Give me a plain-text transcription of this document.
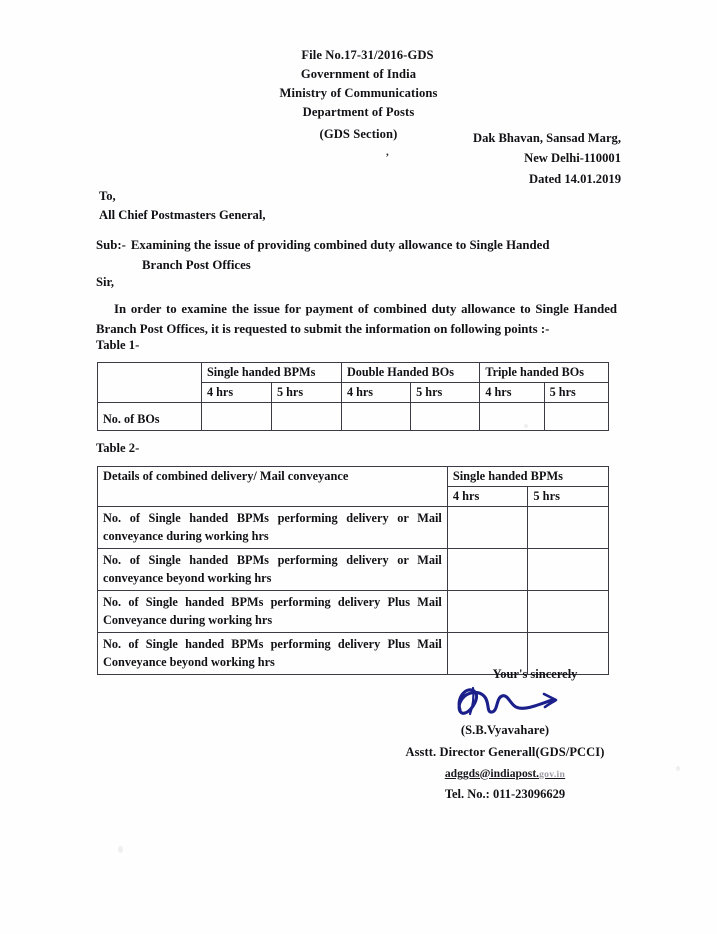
File No.17-31/2016-GDS
Government of India
Ministry of Communications
Department of Posts
(GDS Section)	Dak Bhavan, Sansad Marg,
New Delhi-110001
Dated 14.01.2019
,
To,
All Chief Postmasters General,
Sub:- Examining the issue of providing combined duty allowance to Single Handed
Branch Post Offices
Sir,
In order to examine the issue for payment of combined duty allowance to Single Handed Branch Post Offices, it is requested to submit the information on following points :-
Table 1-
	Single handed BPMs		Double Handed BOs		Triple handed BOs	
	4 hrs	5 hrs	4 hrs	5 hrs	4 hrs	5 hrs
No. of BOs						
Table 2-
Details of combined delivery/ Mail conveyance	Single handed BPMs	
	4 hrs	5 hrs
No. of Single handed BPMs performing delivery or Mail conveyance during working hrs		
No. of Single handed BPMs performing delivery or Mail conveyance beyond working hrs		
No. of Single handed BPMs performing delivery Plus Mail Conveyance during working hrs		
No. of Single handed BPMs performing delivery Plus Mail Conveyance beyond working hrs		
Your's sincerely
(S.B.Vyavahare)
Asstt. Director Generall(GDS/PCCI)
adggds@indiapost.gov.in
Tel. No.: 011-23096629
